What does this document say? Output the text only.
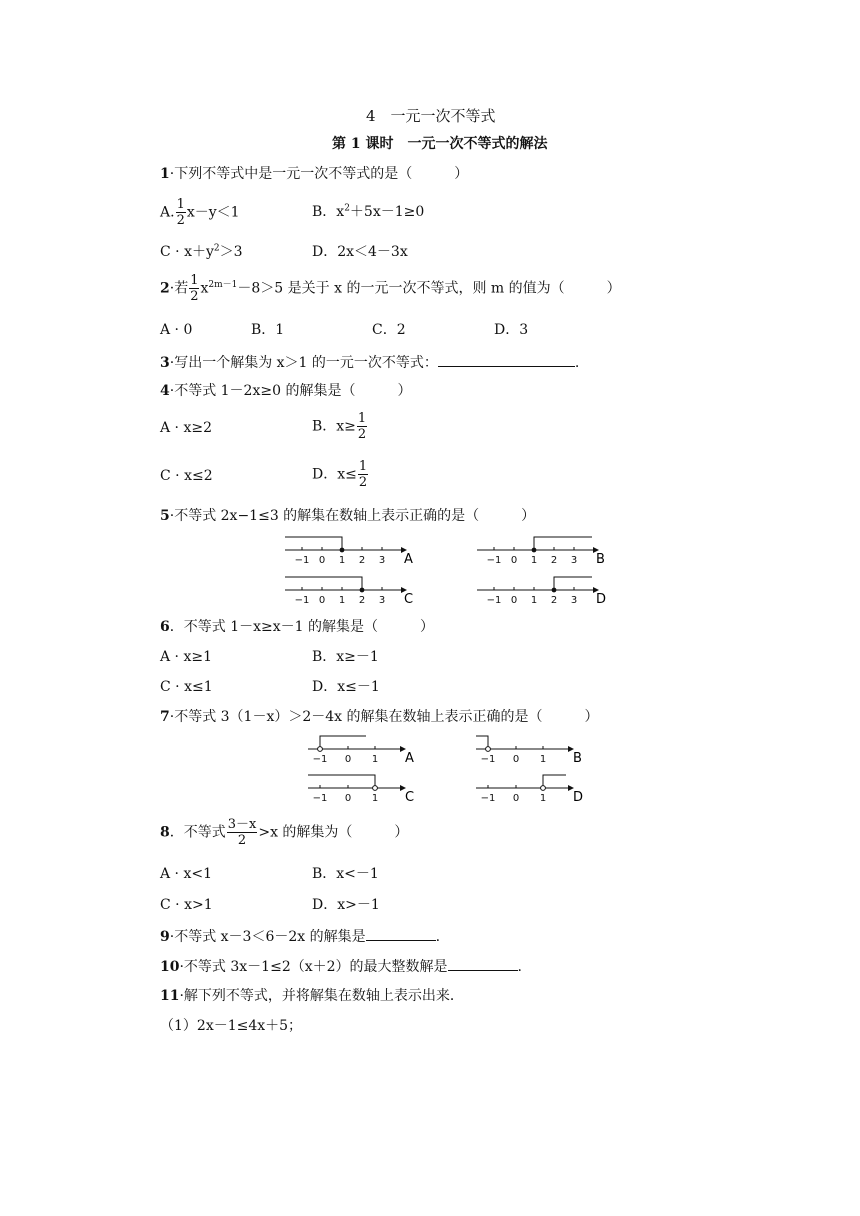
4　一元一次不等式
第 1 课时　一元一次不等式的解法
1·下列不等式中是一元一次不等式的是（　　　）
A. $\frac{1}{2} x-y<1$	B．$x^2+5x-1\ge 0$
$C \cdot x+y^2>3$	D．2x＜4－3x
2·若 $\frac{1}{2} x^{2m-1}-8>5$ 是关于 x 的一元一次不等式，则 m 的值为（　　　）
A · 0	B．1	C．2	D．3
3·写出一个解集为 x＞1 的一元一次不等式：	.
4·不等式 1－2x≥0 的解集是（　　　）
A · x≥2	B．$x\ge \frac{1}{2}$
C · x≤2	D．$x\le \frac{1}{2}$
5·不等式 2x−1≤3 的解集在数轴上表示正确的是（　　　）
−1 0 1 2 3 A	−1 0 1 2 3 B
−1 0 1 2 3 C	−1 0 1 2 3 D
6．不等式 1－x≥x－1 的解集是（　　　）
A · x≥1	B．x≥－1
C · x≤1	D．x≤－1
7·不等式 3（1－x）＞2－4x 的解集在数轴上表示正确的是（　　　）
−1 0 1 A	−1 0 1 B
−1 0 1 C	−1 0 1 D
8．不等式 $\frac{3-x}{2} >x$ 的解集为（　　　）
A · x<1	B．x<－1
C · x>1	D．x>－1
9·不等式 x－3＜6－2x 的解集是	.
10·不等式 3x－1≤2（x＋2）的最大整数解是	.
11·解下列不等式，并将解集在数轴上表示出来．
（1）2x－1≤4x＋5；
